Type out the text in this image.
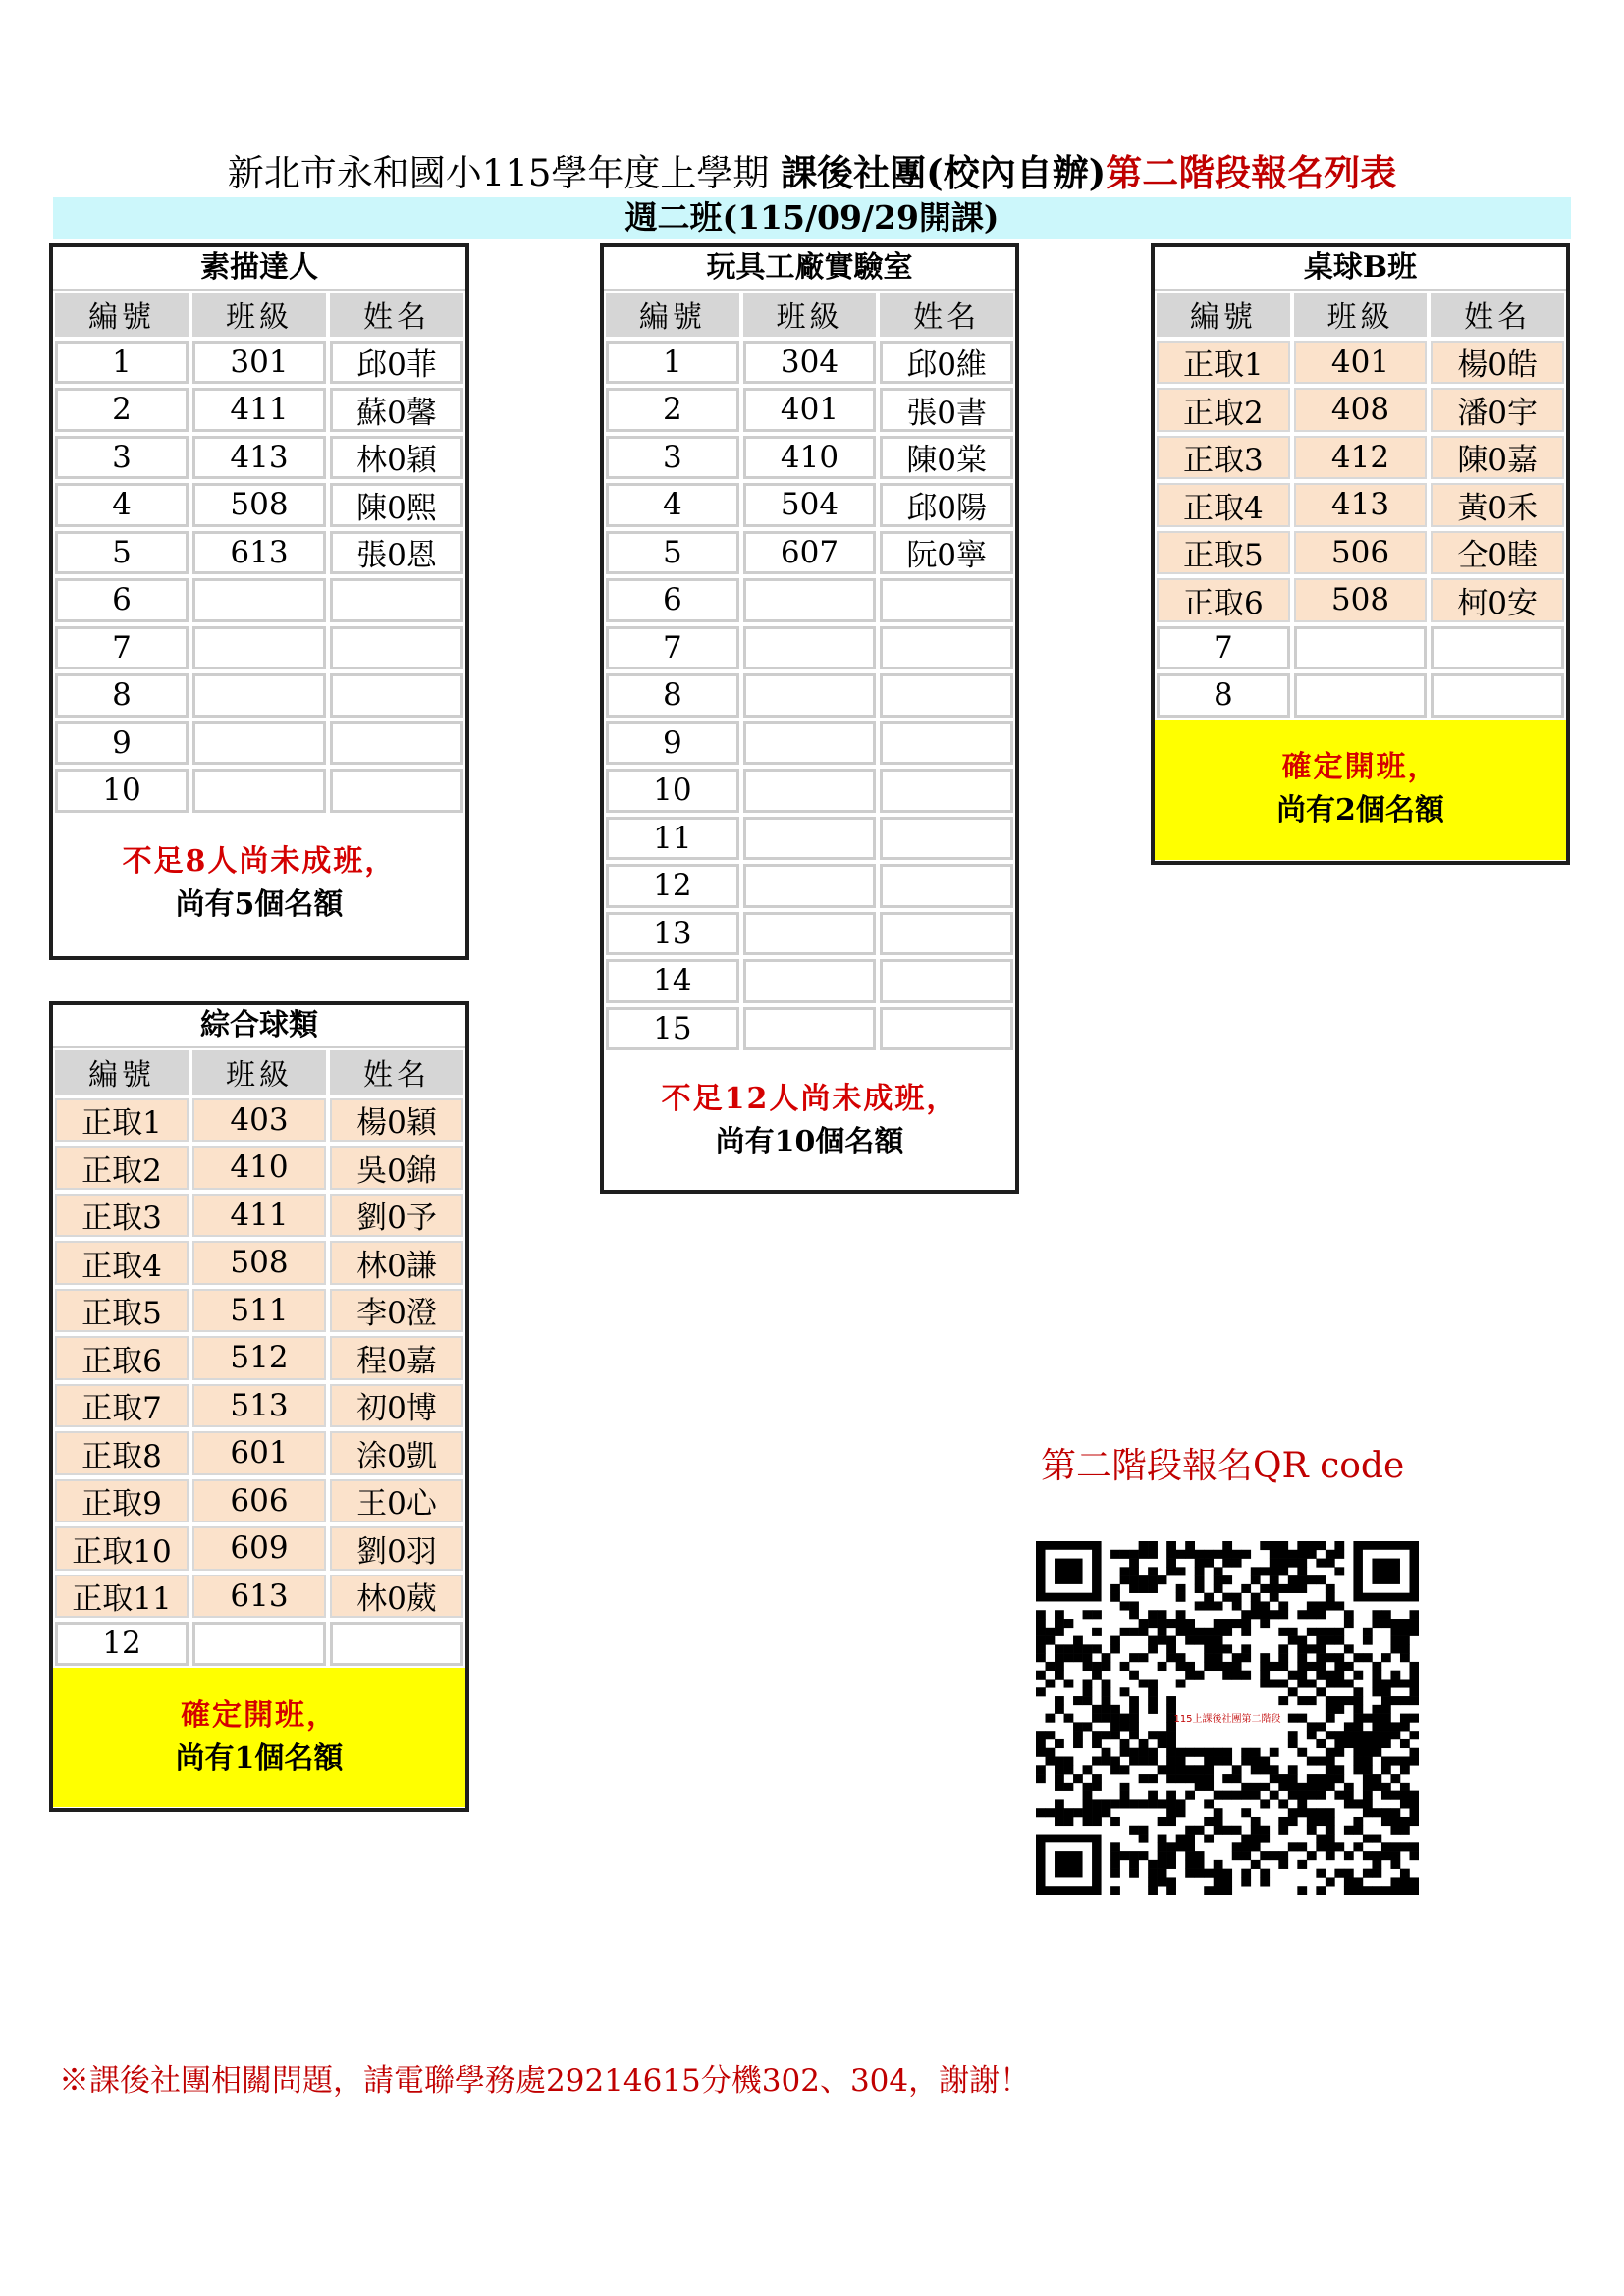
新北市永和國小115學年度上學期 課後社團(校內自辦)第二階段報名列表
週二班(115/09/29開課)
素描達人
編號	班級	姓名
1	301	邱0菲
2	411	蘇0馨
3	413	林0穎
4	508	陳0熙
5	613	張0恩
6
7
8
9
10
不足8人尚未成班，
尚有5個名額
綜合球類
編號	班級	姓名
正取1	403	楊0穎
正取2	410	吳0錦
正取3	411	劉0予
正取4	508	林0謙
正取5	511	李0澄
正取6	512	程0嘉
正取7	513	初0博
正取8	601	涂0凱
正取9	606	王0心
正取10	609	劉0羽
正取11	613	林0葳
12
確定開班，
尚有1個名額
玩具工廠實驗室
編號	班級	姓名
1	304	邱0維
2	401	張0書
3	410	陳0棠
4	504	邱0陽
5	607	阮0寧
6
7
8
9
10
11
12
13
14
15
不足12人尚未成班，
尚有10個名額
桌球B班
編號	班級	姓名
正取1	401	楊0皓
正取2	408	潘0宇
正取3	412	陳0嘉
正取4	413	黃0禾
正取5	506	仝0睦
正取6	508	柯0安
7
8
確定開班，
尚有2個名額
第二階段報名QR code
115上課後社團第二階段
※課後社團相關問題，請電聯學務處29214615分機302、304，謝謝！
